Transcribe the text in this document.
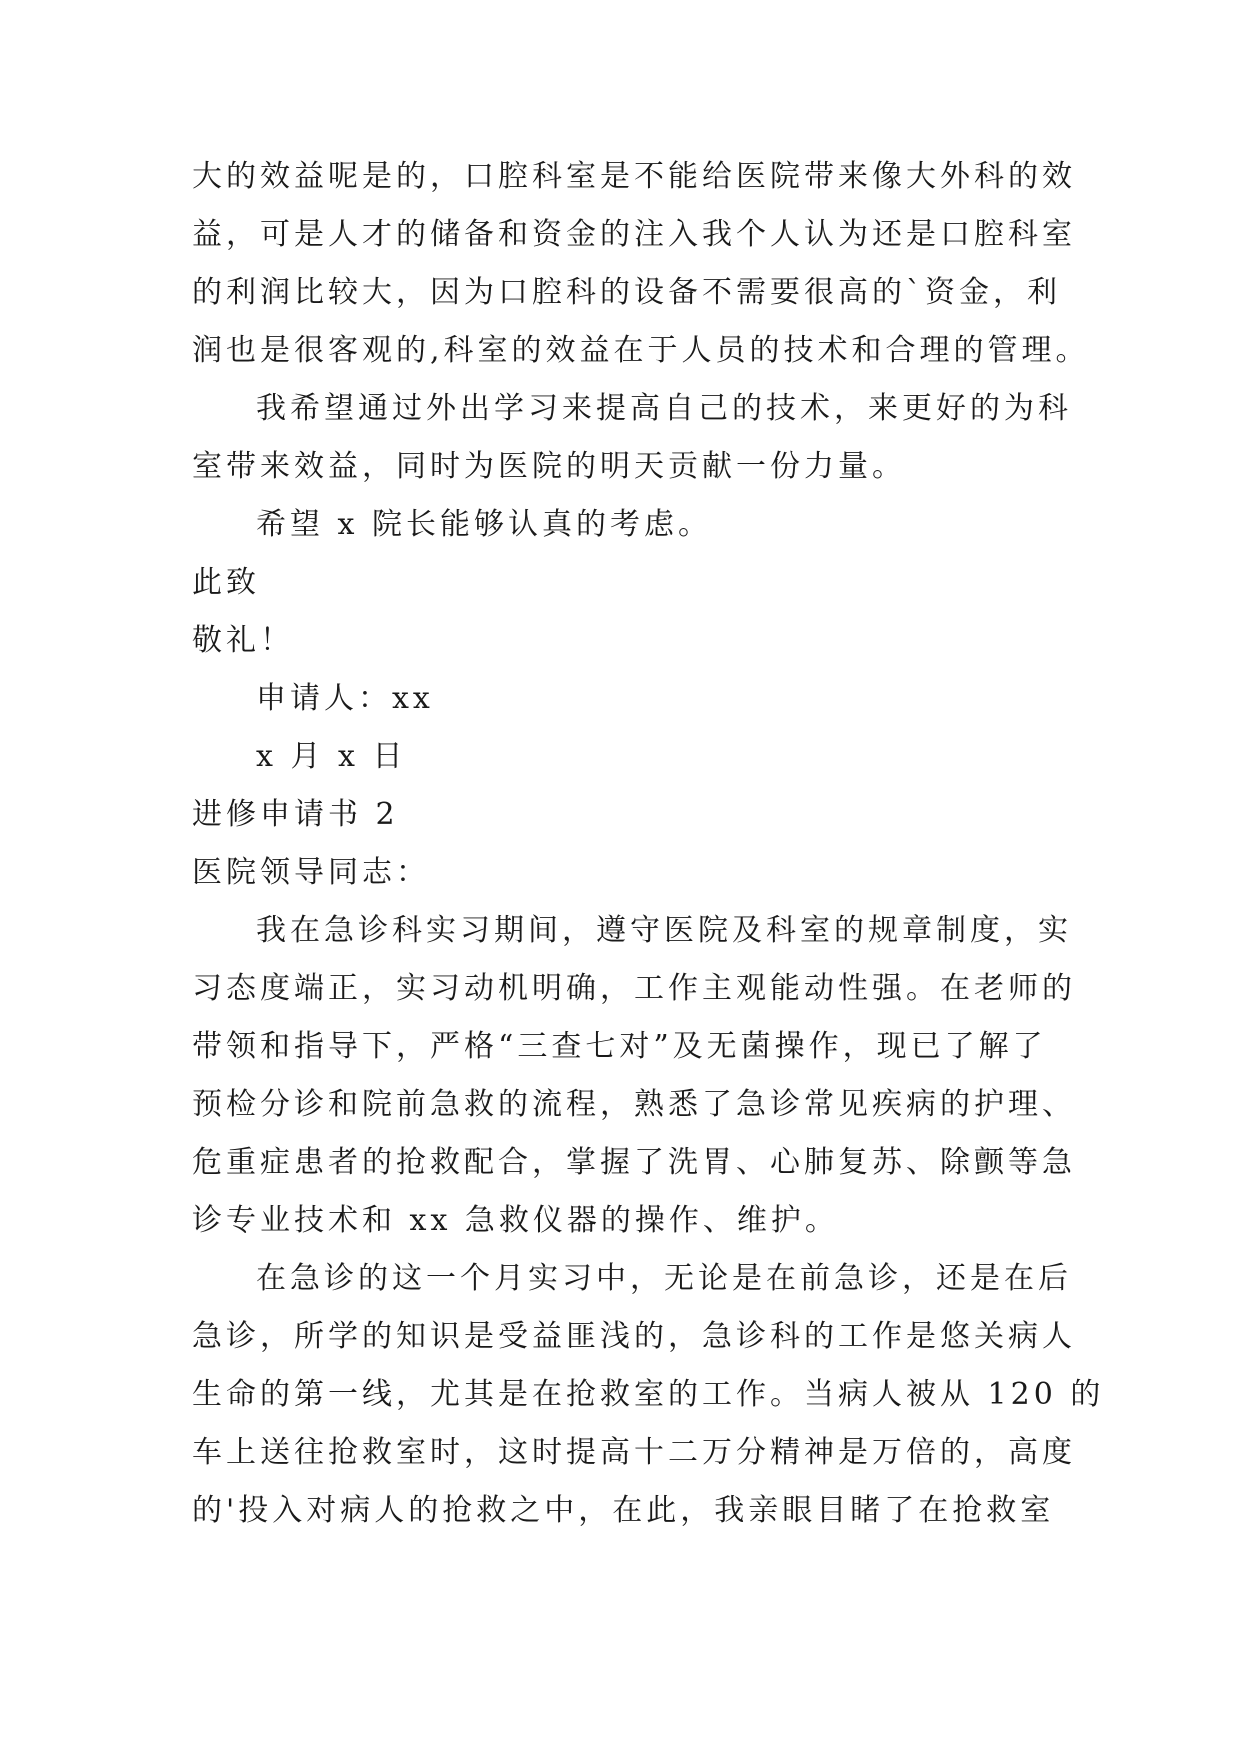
大的效益呢是的，口腔科室是不能给医院带来像大外科的效
益，可是人才的储备和资金的注入我个人认为还是口腔科室
的利润比较大，因为口腔科的设备不需要很高的`资金，利
润也是很客观的,科室的效益在于人员的技术和合理的管理。
我希望通过外出学习来提高自己的技术，来更好的为科
室带来效益，同时为医院的明天贡献一份力量。
希望 x 院长能够认真的考虑。
此致
敬礼！
申请人：xx
x 月 x 日
进修申请书 2
医院领导同志：
我在急诊科实习期间，遵守医院及科室的规章制度，实
习态度端正，实习动机明确，工作主观能动性强。在老师的
带领和指导下，严格“三查七对”及无菌操作，现已了解了
预检分诊和院前急救的流程，熟悉了急诊常见疾病的护理、
危重症患者的抢救配合，掌握了洗胃、心肺复苏、除颤等急
诊专业技术和 xx 急救仪器的操作、维护。
在急诊的这一个月实习中，无论是在前急诊，还是在后
急诊，所学的知识是受益匪浅的，急诊科的工作是悠关病人
生命的第一线，尤其是在抢救室的工作。当病人被从 120 的
车上送往抢救室时，这时提高十二万分精神是万倍的，高度
的'投入对病人的抢救之中，在此，我亲眼目睹了在抢救室
